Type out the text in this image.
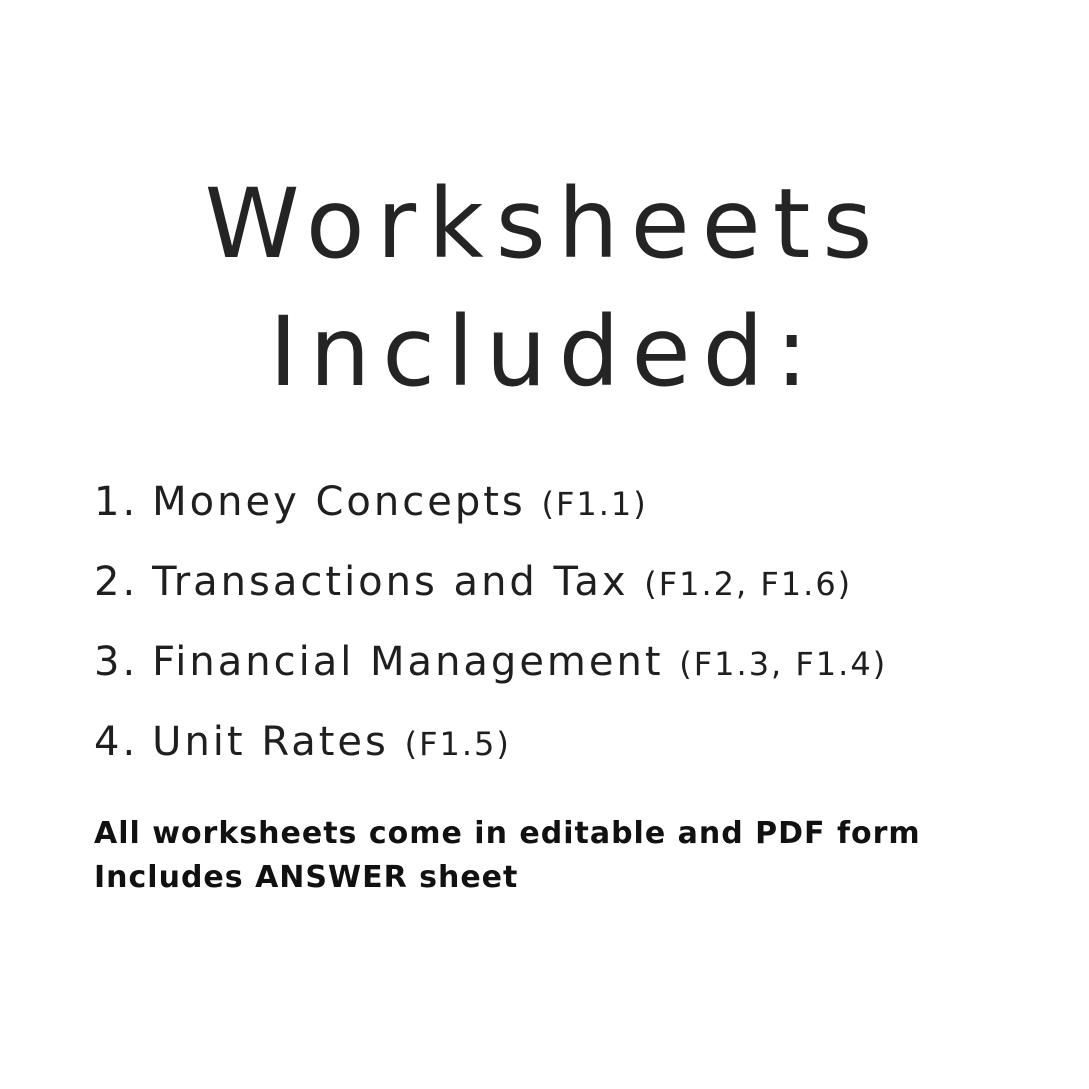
Worksheets
Included:
1. Money Concepts (F1.1)
2. Transactions and Tax (F1.2, F1.6)
3. Financial Management (F1.3, F1.4)
4. Unit Rates (F1.5)

All worksheets come in editable and PDF form
Includes ANSWER sheet
